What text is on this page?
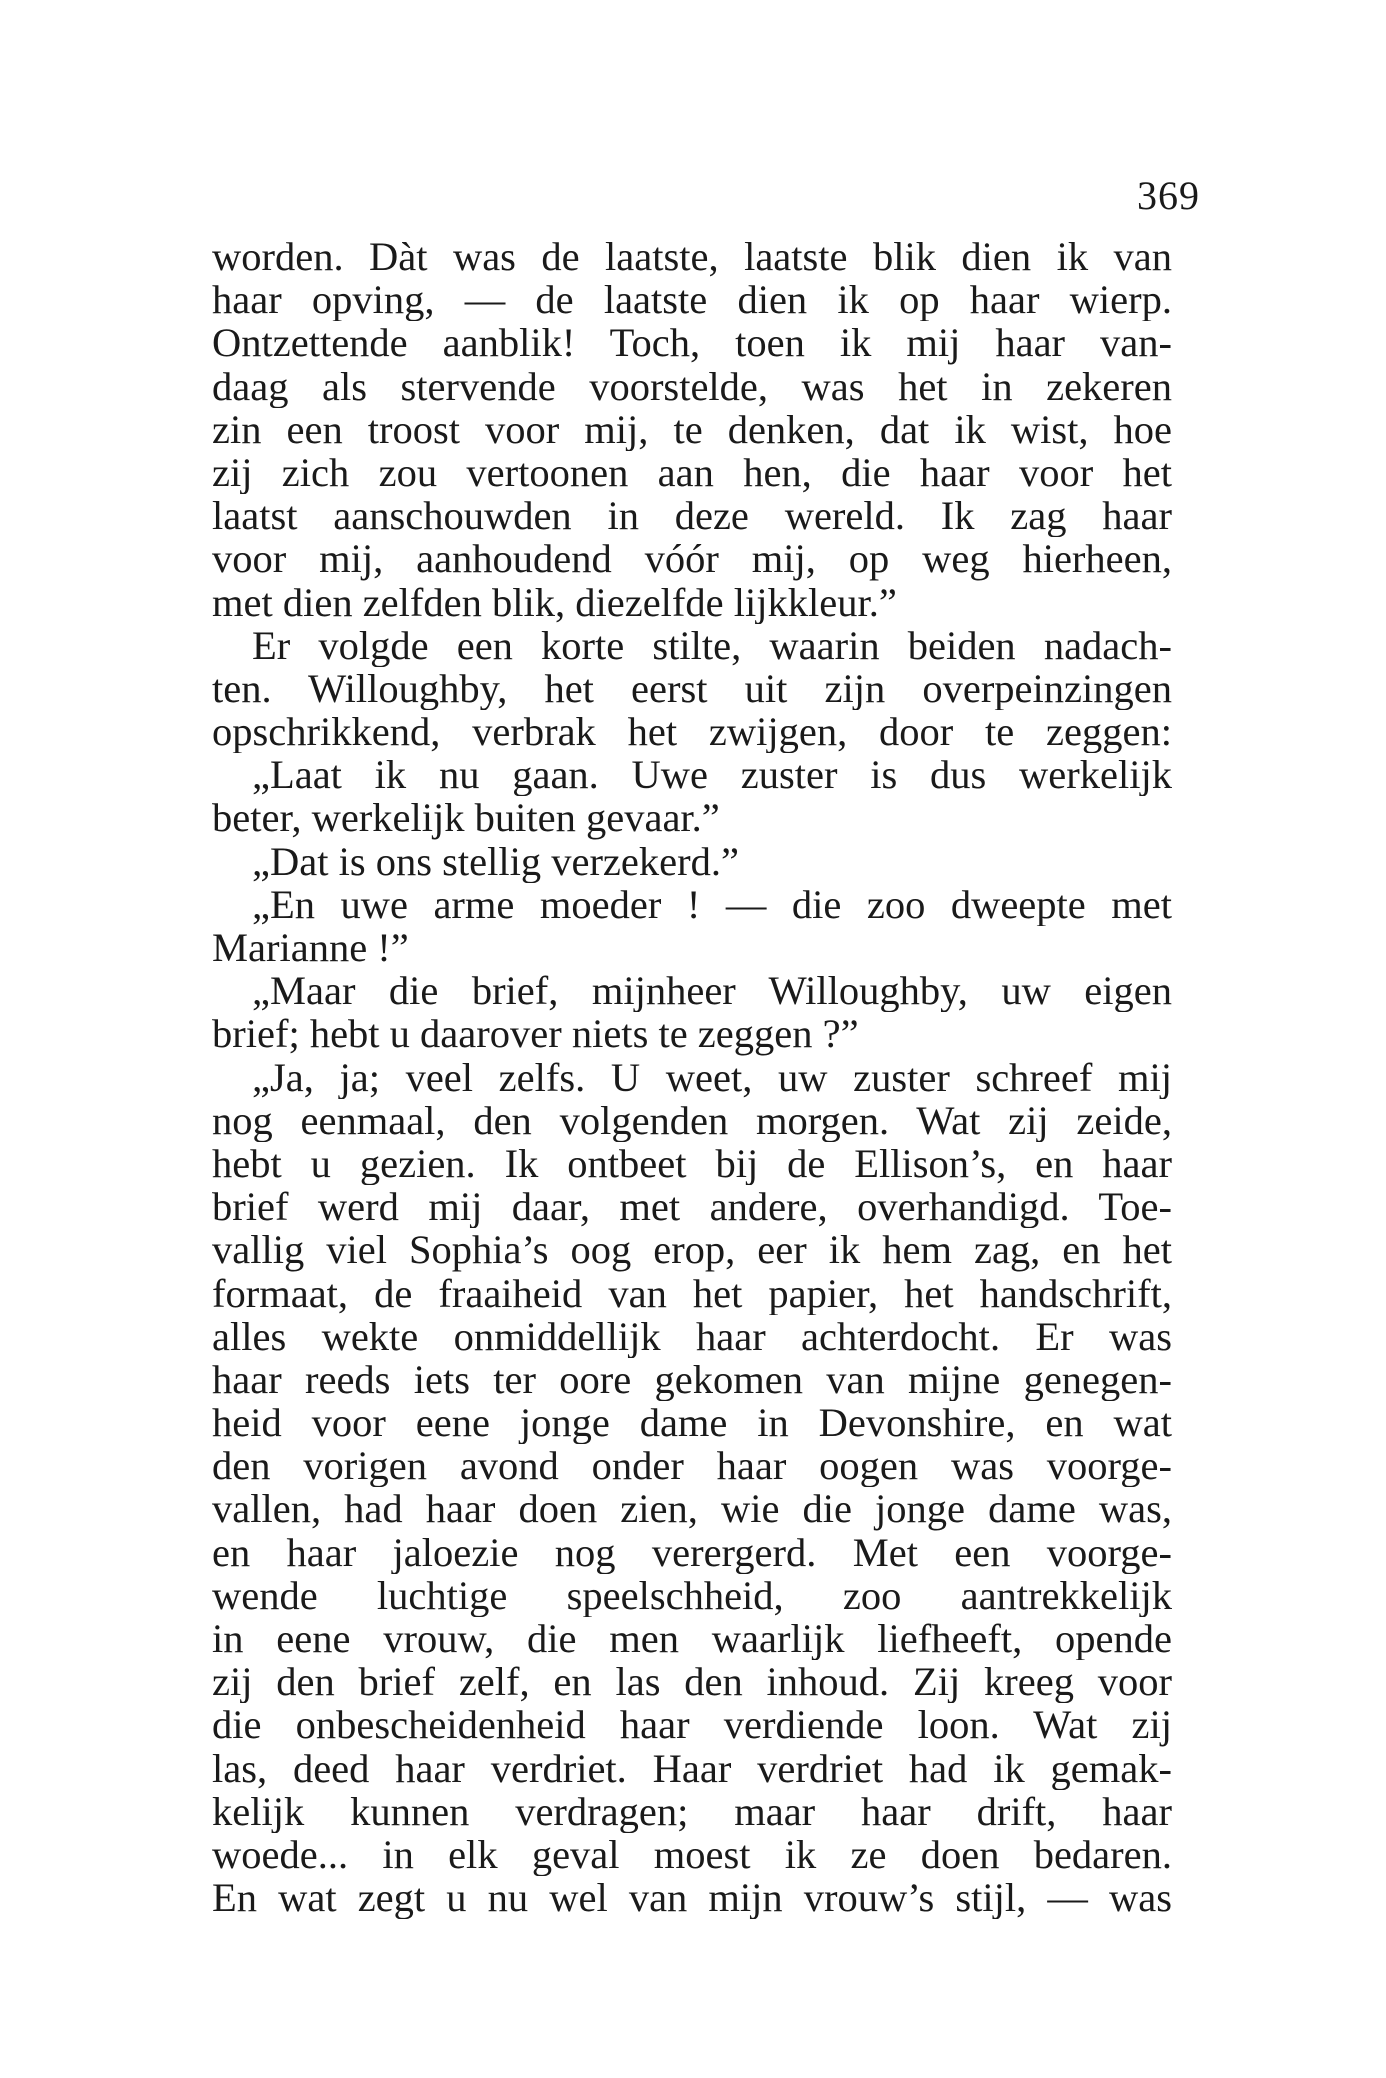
369
worden. Dàt was de laatste, laatste blik dien ik van
haar opving, — de laatste dien ik op haar wierp.
Ontzettende aanblik! Toch, toen ik mij haar van-
daag als stervende voorstelde, was het in zekeren
zin een troost voor mij, te denken, dat ik wist, hoe
zij zich zou vertoonen aan hen, die haar voor het
laatst aanschouwden in deze wereld. Ik zag haar
voor mij, aanhoudend vóór mij, op weg hierheen,
met dien zelfden blik, diezelfde lijkkleur.”
Er volgde een korte stilte, waarin beiden nadach-
ten. Willoughby, het eerst uit zijn overpeinzingen
opschrikkend, verbrak het zwijgen, door te zeggen:
„Laat ik nu gaan. Uwe zuster is dus werkelijk
beter, werkelijk buiten gevaar.”
„Dat is ons stellig verzekerd.”
„En uwe arme moeder ! — die zoo dweepte met
Marianne !”
„Maar die brief, mijnheer Willoughby, uw eigen
brief; hebt u daarover niets te zeggen ?”
„Ja, ja; veel zelfs. U weet, uw zuster schreef mij
nog eenmaal, den volgenden morgen. Wat zij zeide,
hebt u gezien. Ik ontbeet bij de Ellison’s, en haar
brief werd mij daar, met andere, overhandigd. Toe-
vallig viel Sophia’s oog erop, eer ik hem zag, en het
formaat, de fraaiheid van het papier, het handschrift,
alles wekte onmiddellijk haar achterdocht. Er was
haar reeds iets ter oore gekomen van mijne genegen-
heid voor eene jonge dame in Devonshire, en wat
den vorigen avond onder haar oogen was voorge-
vallen, had haar doen zien, wie die jonge dame was,
en haar jaloezie nog verergerd. Met een voorge-
wende luchtige speelschheid, zoo aantrekkelijk
in eene vrouw, die men waarlijk liefheeft, opende
zij den brief zelf, en las den inhoud. Zij kreeg voor
die onbescheidenheid haar verdiende loon. Wat zij
las, deed haar verdriet. Haar verdriet had ik gemak-
kelijk kunnen verdragen; maar haar drift, haar
woede... in elk geval moest ik ze doen bedaren.
En wat zegt u nu wel van mijn vrouw’s stijl, — was
